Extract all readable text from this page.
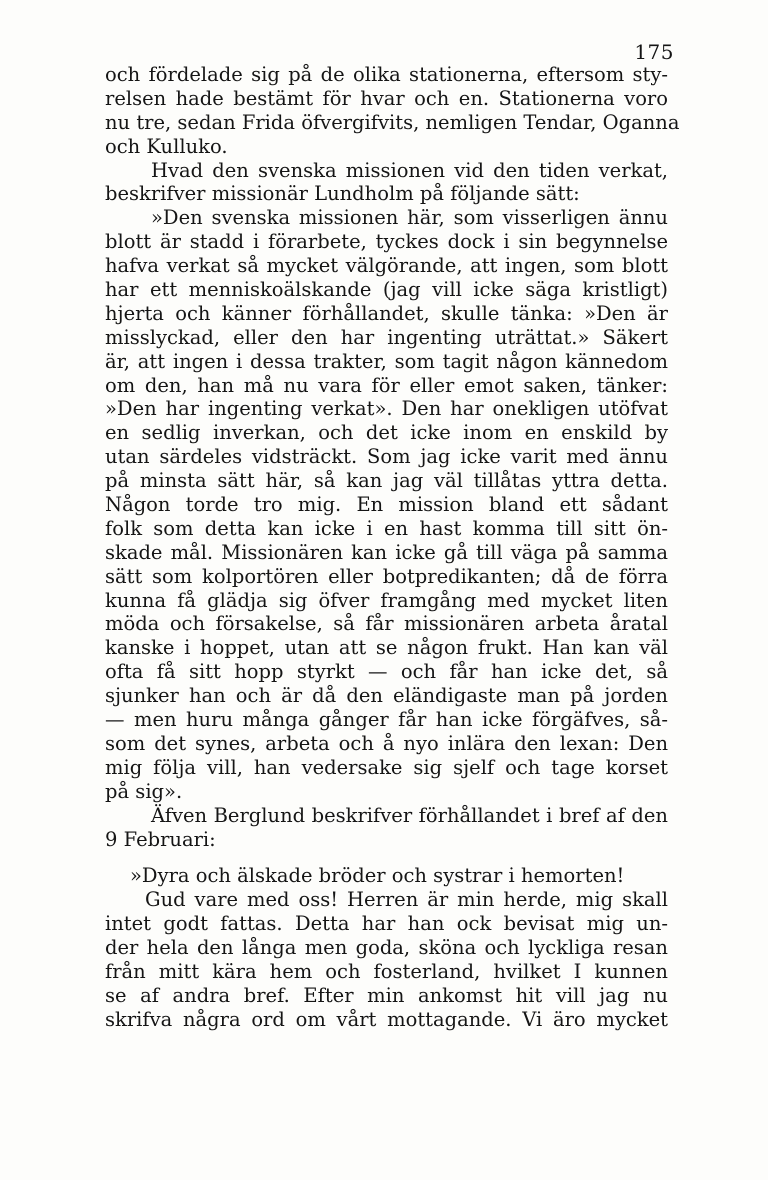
175
och fördelade sig på de olika stationerna, eftersom sty-
relsen hade bestämt för hvar och en. Stationerna voro
nu tre, sedan Frida öfvergifvits, nemligen Tendar, Oganna
och Kulluko.
Hvad den svenska missionen vid den tiden verkat,
beskrifver missionär Lundholm på följande sätt:
»Den svenska missionen här, som visserligen ännu
blott är stadd i förarbete, tyckes dock i sin begynnelse
hafva verkat så mycket välgörande, att ingen, som blott
har ett menniskoälskande (jag vill icke säga kristligt)
hjerta och känner förhållandet, skulle tänka: »Den är
misslyckad, eller den har ingenting uträttat.» Säkert
är, att ingen i dessa trakter, som tagit någon kännedom
om den, han må nu vara för eller emot saken, tänker:
»Den har ingenting verkat». Den har onekligen utöfvat
en sedlig inverkan, och det icke inom en enskild by
utan särdeles vidsträckt. Som jag icke varit med ännu
på minsta sätt här, så kan jag väl tillåtas yttra detta.
Någon torde tro mig. En mission bland ett sådant
folk som detta kan icke i en hast komma till sitt ön-
skade mål. Missionären kan icke gå till väga på samma
sätt som kolportören eller botpredikanten; då de förra
kunna få glädja sig öfver framgång med mycket liten
möda och försakelse, så får missionären arbeta åratal
kanske i hoppet, utan att se någon frukt. Han kan väl
ofta få sitt hopp styrkt — och får han icke det, så
sjunker han och är då den eländigaste man på jorden
— men huru många gånger får han icke förgäfves, så-
som det synes, arbeta och å nyo inlära den lexan: Den
mig följa vill, han vedersake sig sjelf och tage korset
på sig».
Äfven Berglund beskrifver förhållandet i bref af den
9 Februari:
»Dyra och älskade bröder och systrar i hemorten!
Gud vare med oss! Herren är min herde, mig skall
intet godt fattas. Detta har han ock bevisat mig un-
der hela den långa men goda, sköna och lyckliga resan
från mitt kära hem och fosterland, hvilket I kunnen
se af andra bref. Efter min ankomst hit vill jag nu
skrifva några ord om vårt mottagande. Vi äro mycket
